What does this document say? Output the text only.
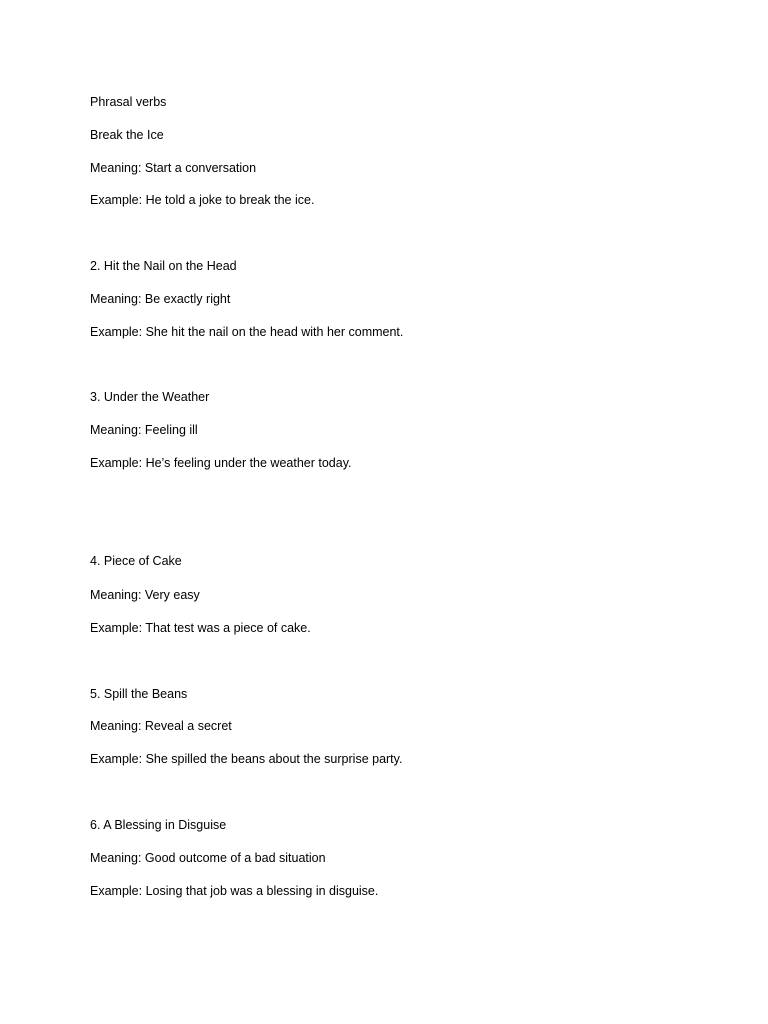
Phrasal verbs

Break the Ice

Meaning: Start a conversation

Example: He told a joke to break the ice.

2. Hit the Nail on the Head

Meaning: Be exactly right

Example: She hit the nail on the head with her comment.

3. Under the Weather

Meaning: Feeling ill

Example: He’s feeling under the weather today.

4. Piece of Cake

Meaning: Very easy

Example: That test was a piece of cake.

5. Spill the Beans

Meaning: Reveal a secret

Example: She spilled the beans about the surprise party.

6. A Blessing in Disguise

Meaning: Good outcome of a bad situation

Example: Losing that job was a blessing in disguise.
